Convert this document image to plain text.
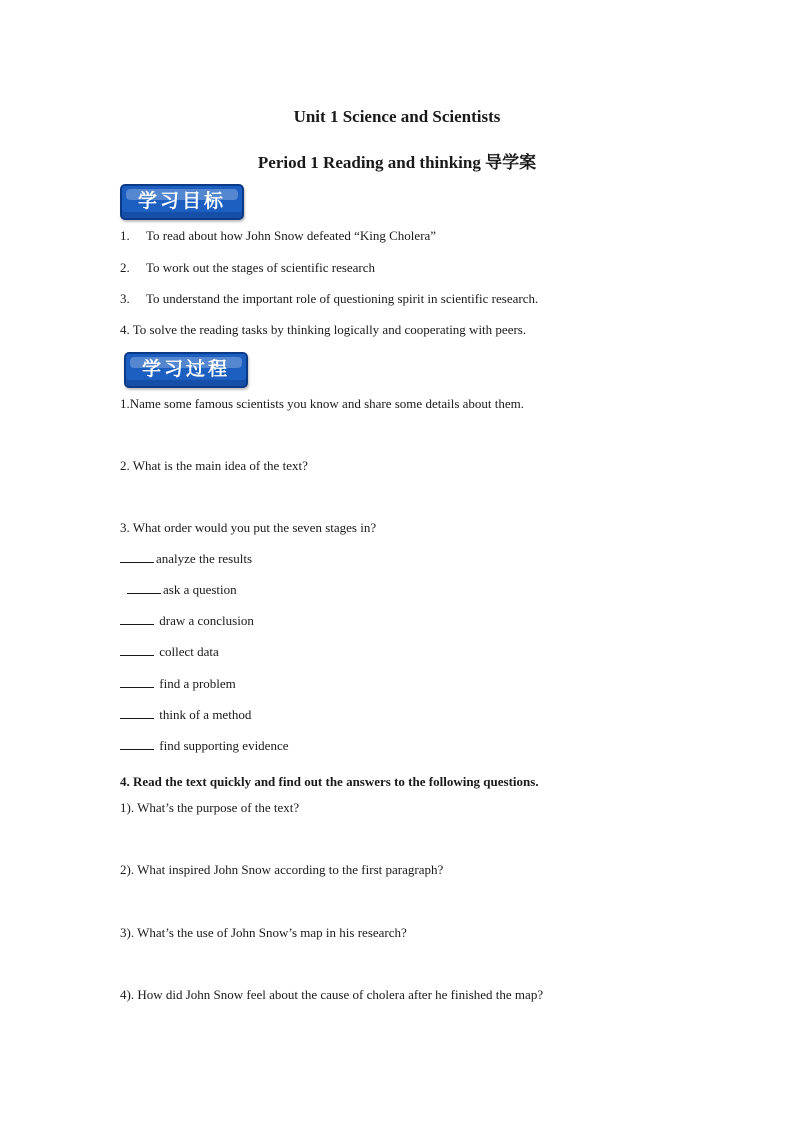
Unit 1 Science and Scientists
Period 1 Reading and thinking 导学案
学习目标
1. To read about how John Snow defeated “King Cholera”
2. To work out the stages of scientific research
3. To understand the important role of questioning spirit in scientific research.
4. To solve the reading tasks by thinking logically and cooperating with peers.
学习过程
1.Name some famous scientists you know and share some details about them.
2. What is the main idea of the text?
3. What order would you put the seven stages in?
analyze the results
ask a question
draw a conclusion
collect data
find a problem
think of a method
find supporting evidence
4. Read the text quickly and find out the answers to the following questions.
1). What’s the purpose of the text?
2). What inspired John Snow according to the first paragraph?
3). What’s the use of John Snow’s map in his research?
4). How did John Snow feel about the cause of cholera after he finished the map?
